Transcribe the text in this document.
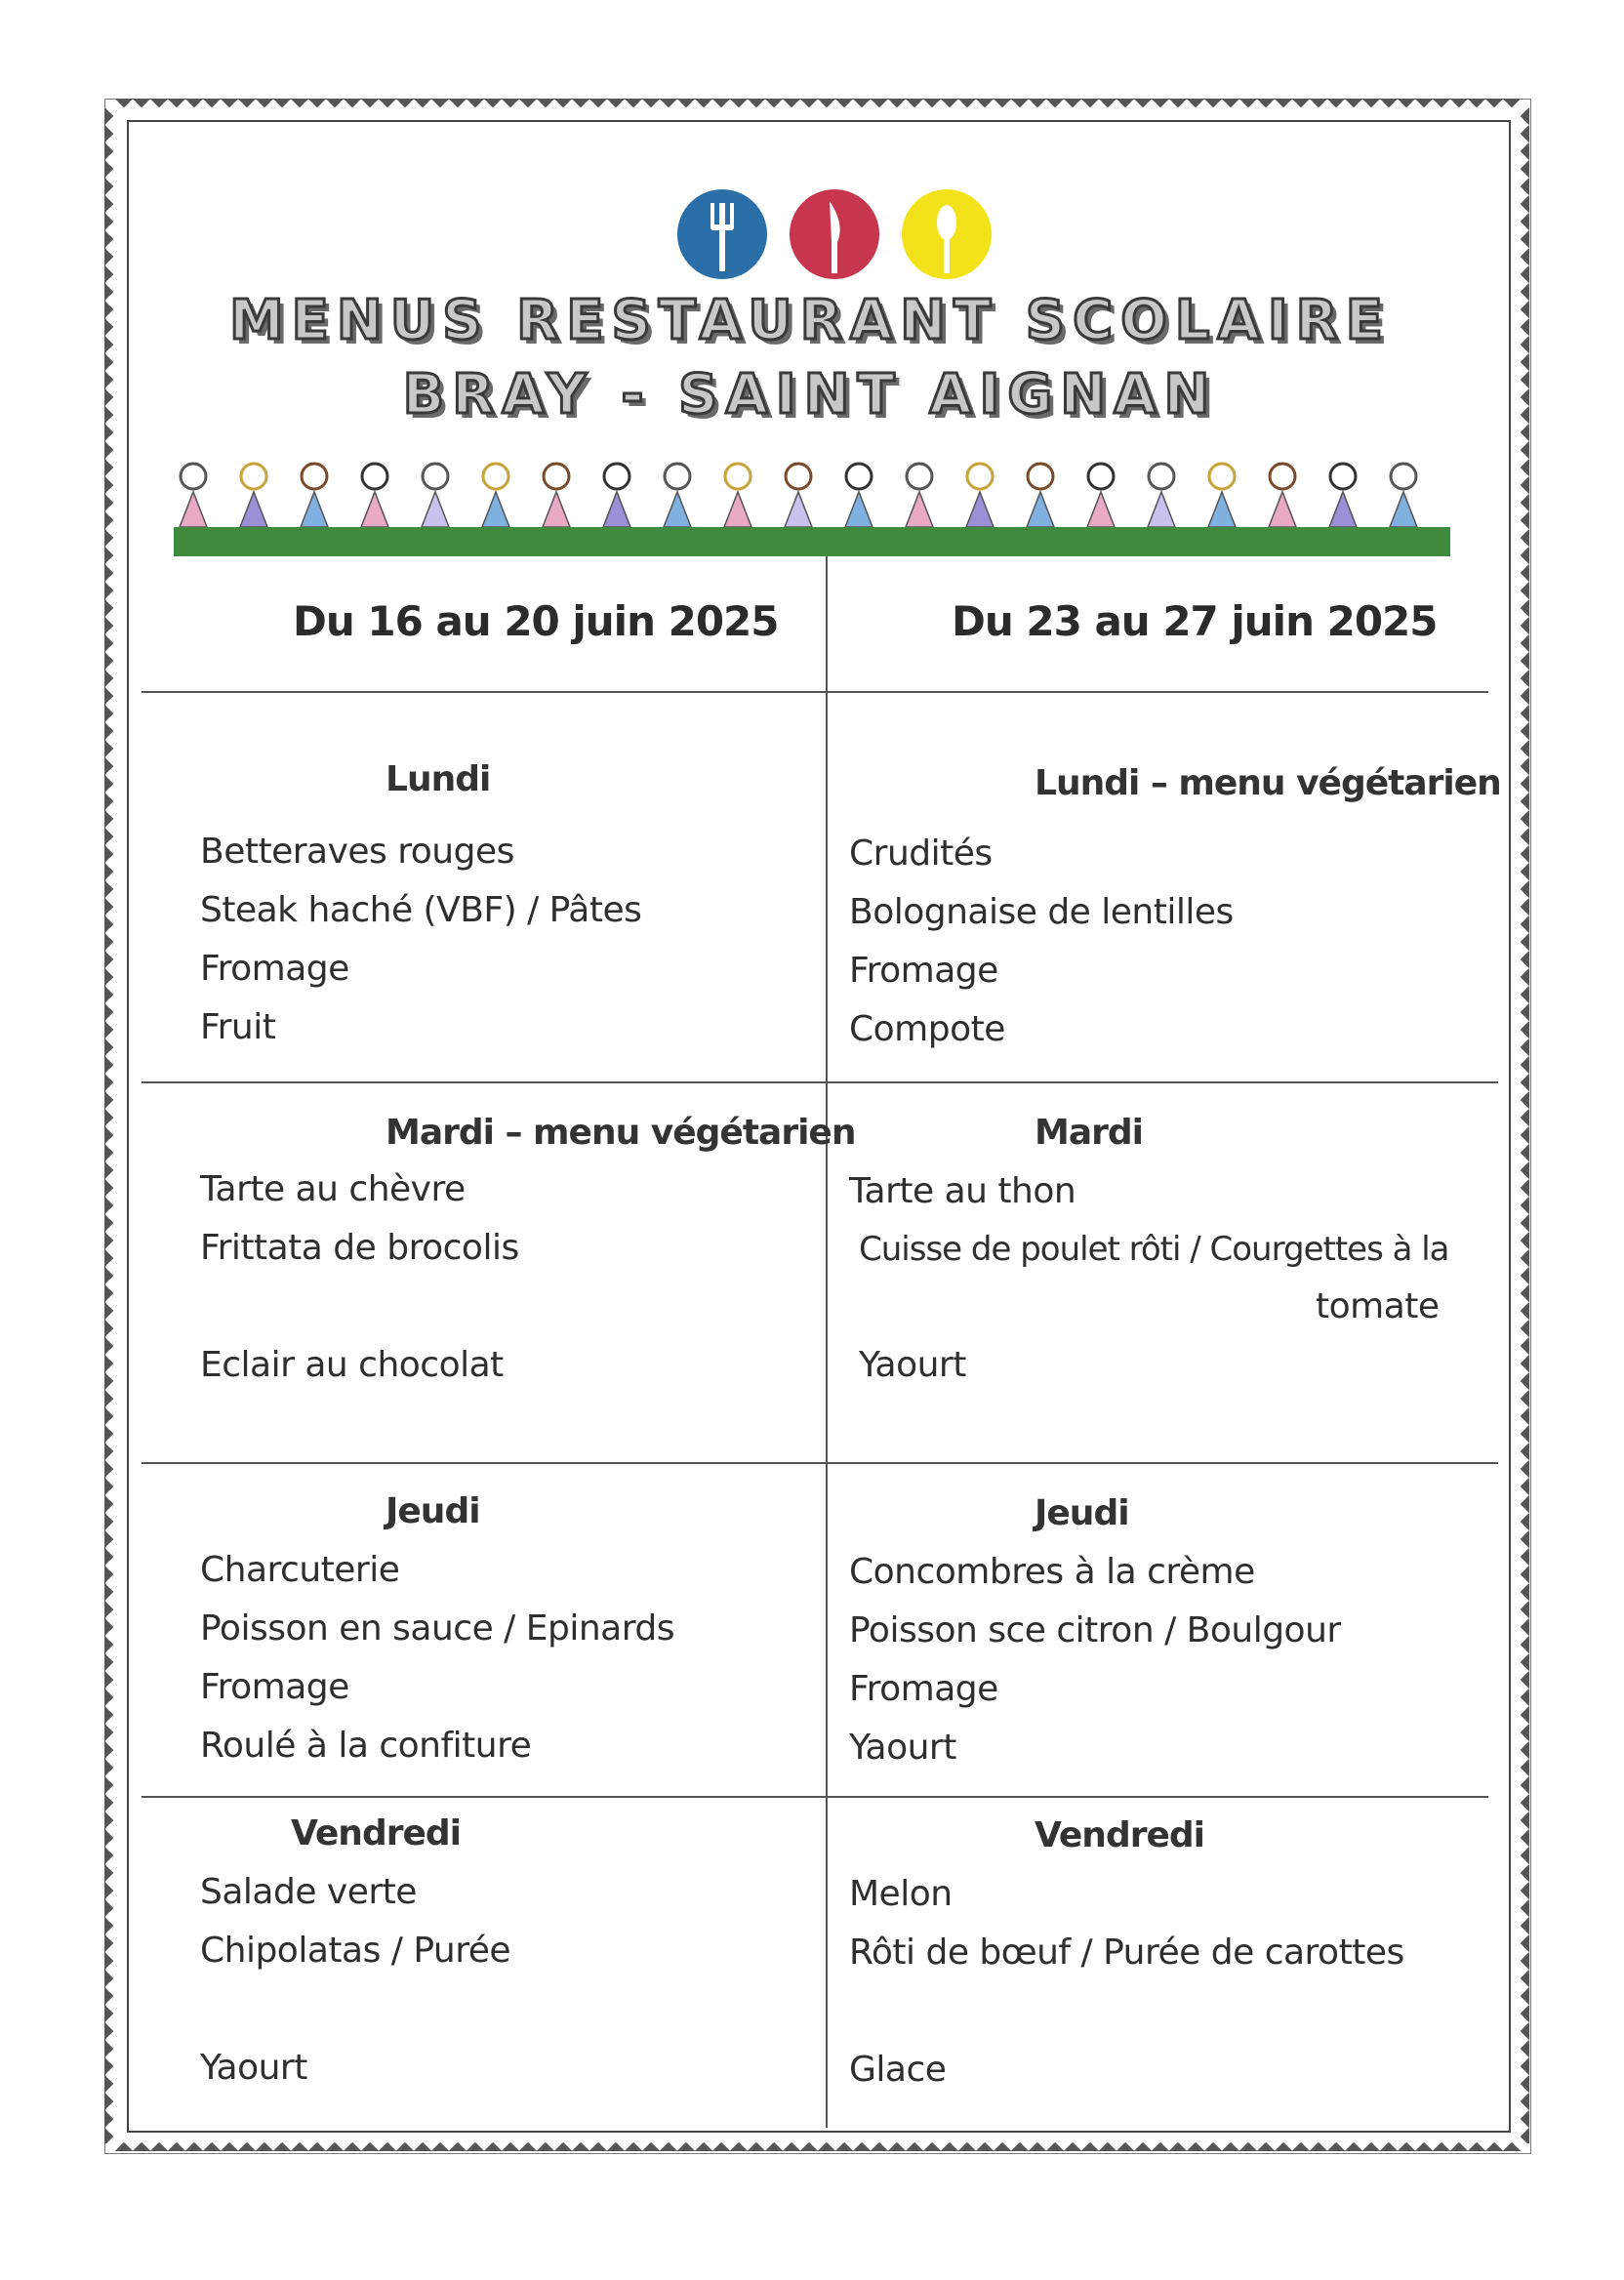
MENUS RESTAURANT SCOLAIRE
BRAY - SAINT AIGNAN
Du 16 au 20 juin 2025	Du 23 au 27 juin 2025
Lundi
Betteraves rouges
Steak haché (VBF) / Pâtes
Fromage
Fruit
Mardi – menu végétarien
Tarte au chèvre
Frittata de brocolis
Eclair au chocolat
Jeudi
Charcuterie
Poisson en sauce / Epinards
Fromage
Roulé à la confiture
Vendredi
Salade verte
Chipolatas / Purée
Yaourt
Lundi – menu végétarien
Crudités
Bolognaise de lentilles
Fromage
Compote
Mardi
Tarte au thon
Cuisse de poulet rôti / Courgettes à la
tomate
Yaourt
Jeudi
Concombres à la crème
Poisson sce citron / Boulgour
Fromage
Yaourt
Vendredi
Melon
Rôti de bœuf / Purée de carottes
Glace
